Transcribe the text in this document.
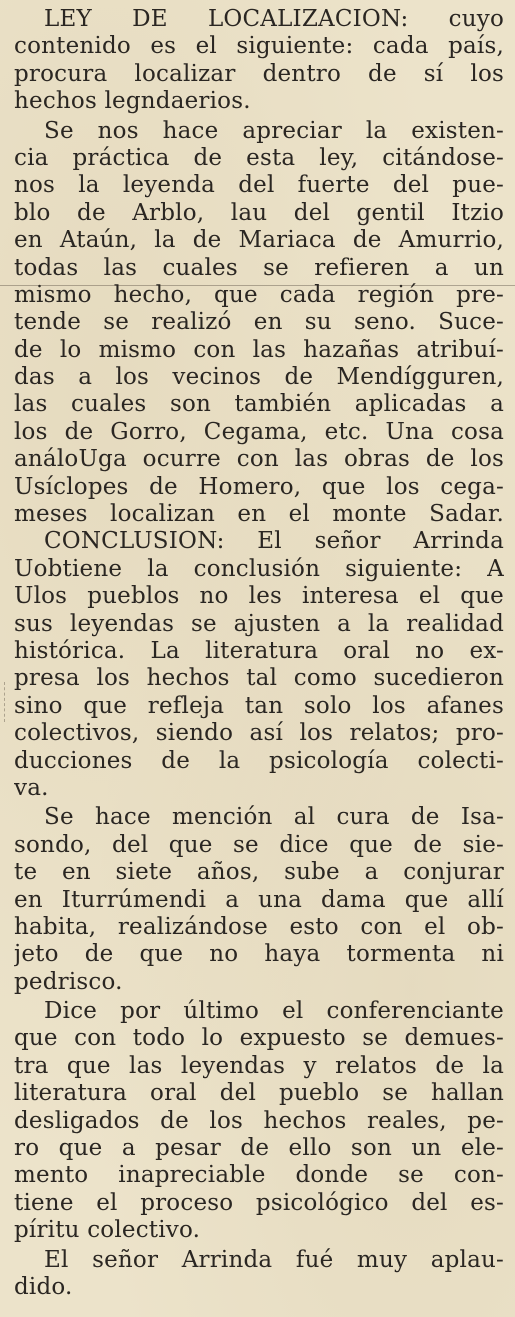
LEY DE LOCALIZACION: cuyo
contenido es el siguiente: cada país,
procura localizar dentro de sí los
hechos legndaerios.
Se nos hace apreciar la existen-
cia práctica de esta ley, citándose-
nos la leyenda del fuerte del pue-
blo de Arblo, lau del gentil Itzio
en Ataún, la de Mariaca de Amurrio,
todas las cuales se refieren a un
mismo hecho, que cada región pre-
tende se realizó en su seno. Suce-
de lo mismo con las hazañas atribuí-
das a los vecinos de Mendígguren,
las cuales son también aplicadas a
los de Gorro, Cegama, etc. Una cosa
análoUga ocurre con las obras de los
Usíclopes de Homero, que los cega-
meses localizan en el monte Sadar.
CONCLUSION: El señor Arrinda
Uobtiene la conclusión siguiente: A
Ulos pueblos no les interesa el que
sus leyendas se ajusten a la realidad
histórica. La literatura oral no ex-
presa los hechos tal como sucedieron
sino que refleja tan solo los afanes
colectivos, siendo así los relatos; pro-
ducciones de la psicología colecti-
va.
Se hace mención al cura de Isa-
sondo, del que se dice que de sie-
te en siete años, sube a conjurar
en Iturrúmendi a una dama que allí
habita, realizándose esto con el ob-
jeto de que no haya tormenta ni
pedrisco.
Dice por último el conferenciante
que con todo lo expuesto se demues-
tra que las leyendas y relatos de la
literatura oral del pueblo se hallan
desligados de los hechos reales, pe-
ro que a pesar de ello son un ele-
mento inapreciable donde se con-
tiene el proceso psicológico del es-
píritu colectivo.
El señor Arrinda fué muy aplau-
dido.
